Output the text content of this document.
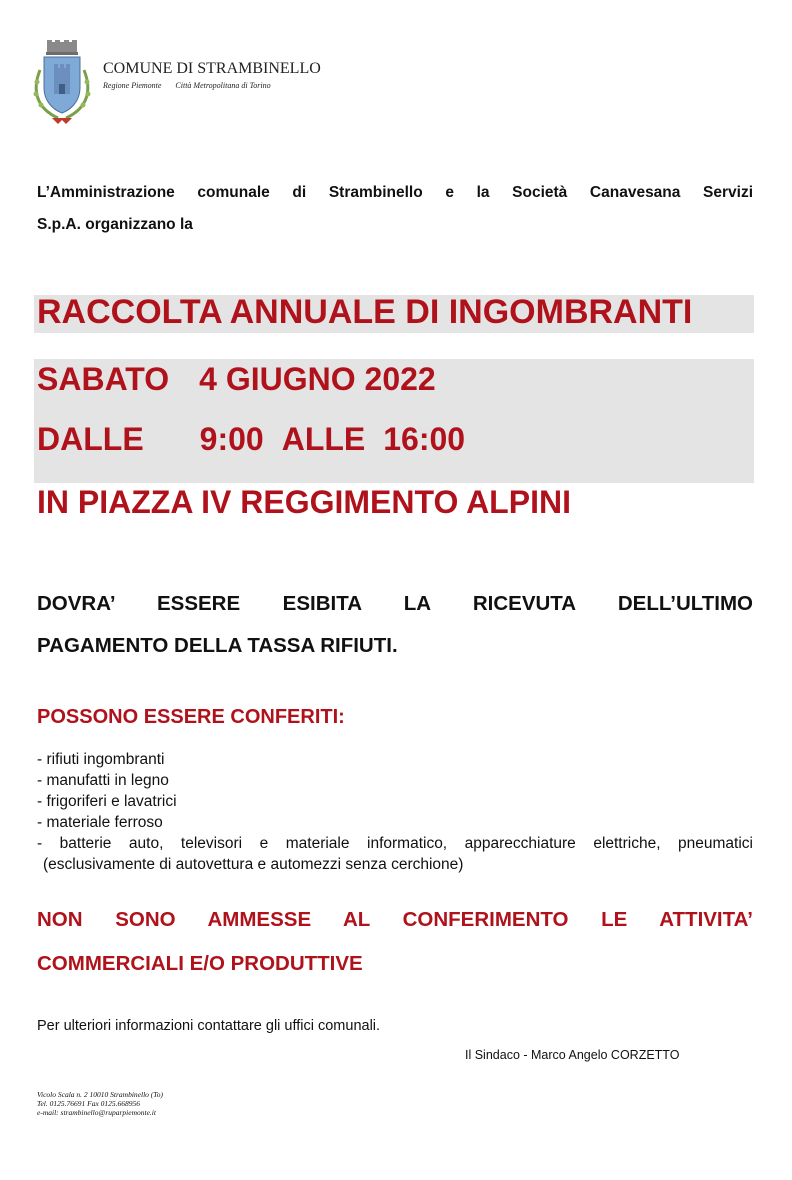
COMUNE DI STRAMBINELLO
Regione Piemonte Città Metropolitana di Torino
L’Amministrazione comunale di Strambinello e la Società Canavesana Servizi
S.p.A. organizzano la
RACCOLTA ANNUALE DI INGOMBRANTI
SABATO 4 GIUGNO 2022
DALLE 9:00 ALLE 16:00
IN PIAZZA IV REGGIMENTO ALPINI
DOVRA’ ESSERE ESIBITA LA RICEVUTA DELL’ULTIMO
PAGAMENTO DELLA TASSA RIFIUTI.
POSSONO ESSERE CONFERITI:
- rifiuti ingombranti
- manufatti in legno
- frigoriferi e lavatrici
- materiale ferroso
- batterie auto, televisori e materiale informatico, apparecchiature elettriche, pneumatici
(esclusivamente di autovettura e automezzi senza cerchione)
NON SONO AMMESSE AL CONFERIMENTO LE ATTIVITA’
COMMERCIALI E/O PRODUTTIVE
Per ulteriori informazioni contattare gli uffici comunali.
Il Sindaco - Marco Angelo CORZETTO
Vicolo Scala n. 2 10010 Strambinello (To)
Tel. 0125.76691 Fax 0125.668956
e-mail: strambinello@ruparpiemonte.it
